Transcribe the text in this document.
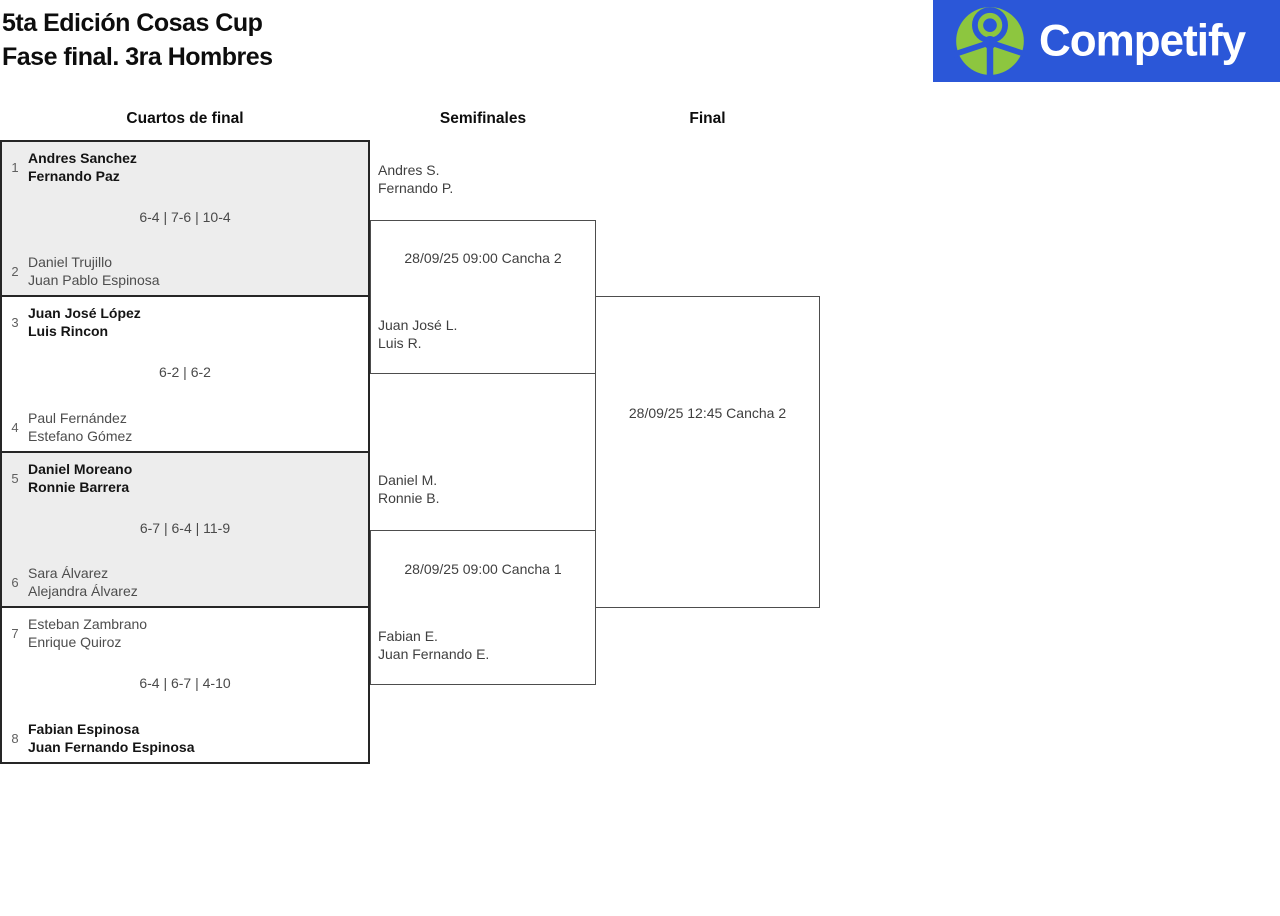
5ta Edición Cosas Cup
Fase final. 3ra Hombres	Competify
Cuartos de final	Semifinales	Final
1
Andres Sanchez
Fernando Paz
6-4 | 7-6 | 10-4
2
Daniel Trujillo
Juan Pablo Espinosa
3
Juan José López
Luis Rincon
6-2 | 6-2
4
Paul Fernández
Estefano Gómez
5
Daniel Moreano
Ronnie Barrera
6-7 | 6-4 | 11-9
6
Sara Álvarez
Alejandra Álvarez
7
Esteban Zambrano
Enrique Quiroz
6-4 | 6-7 | 4-10
8
Fabian Espinosa
Juan Fernando Espinosa
Andres S.
Fernando P.
28/09/25 09:00 Cancha 2
Juan José L.
Luis R.
Daniel M.
Ronnie B.
28/09/25 09:00 Cancha 1
Fabian E.
Juan Fernando E.
28/09/25 12:45 Cancha 2
